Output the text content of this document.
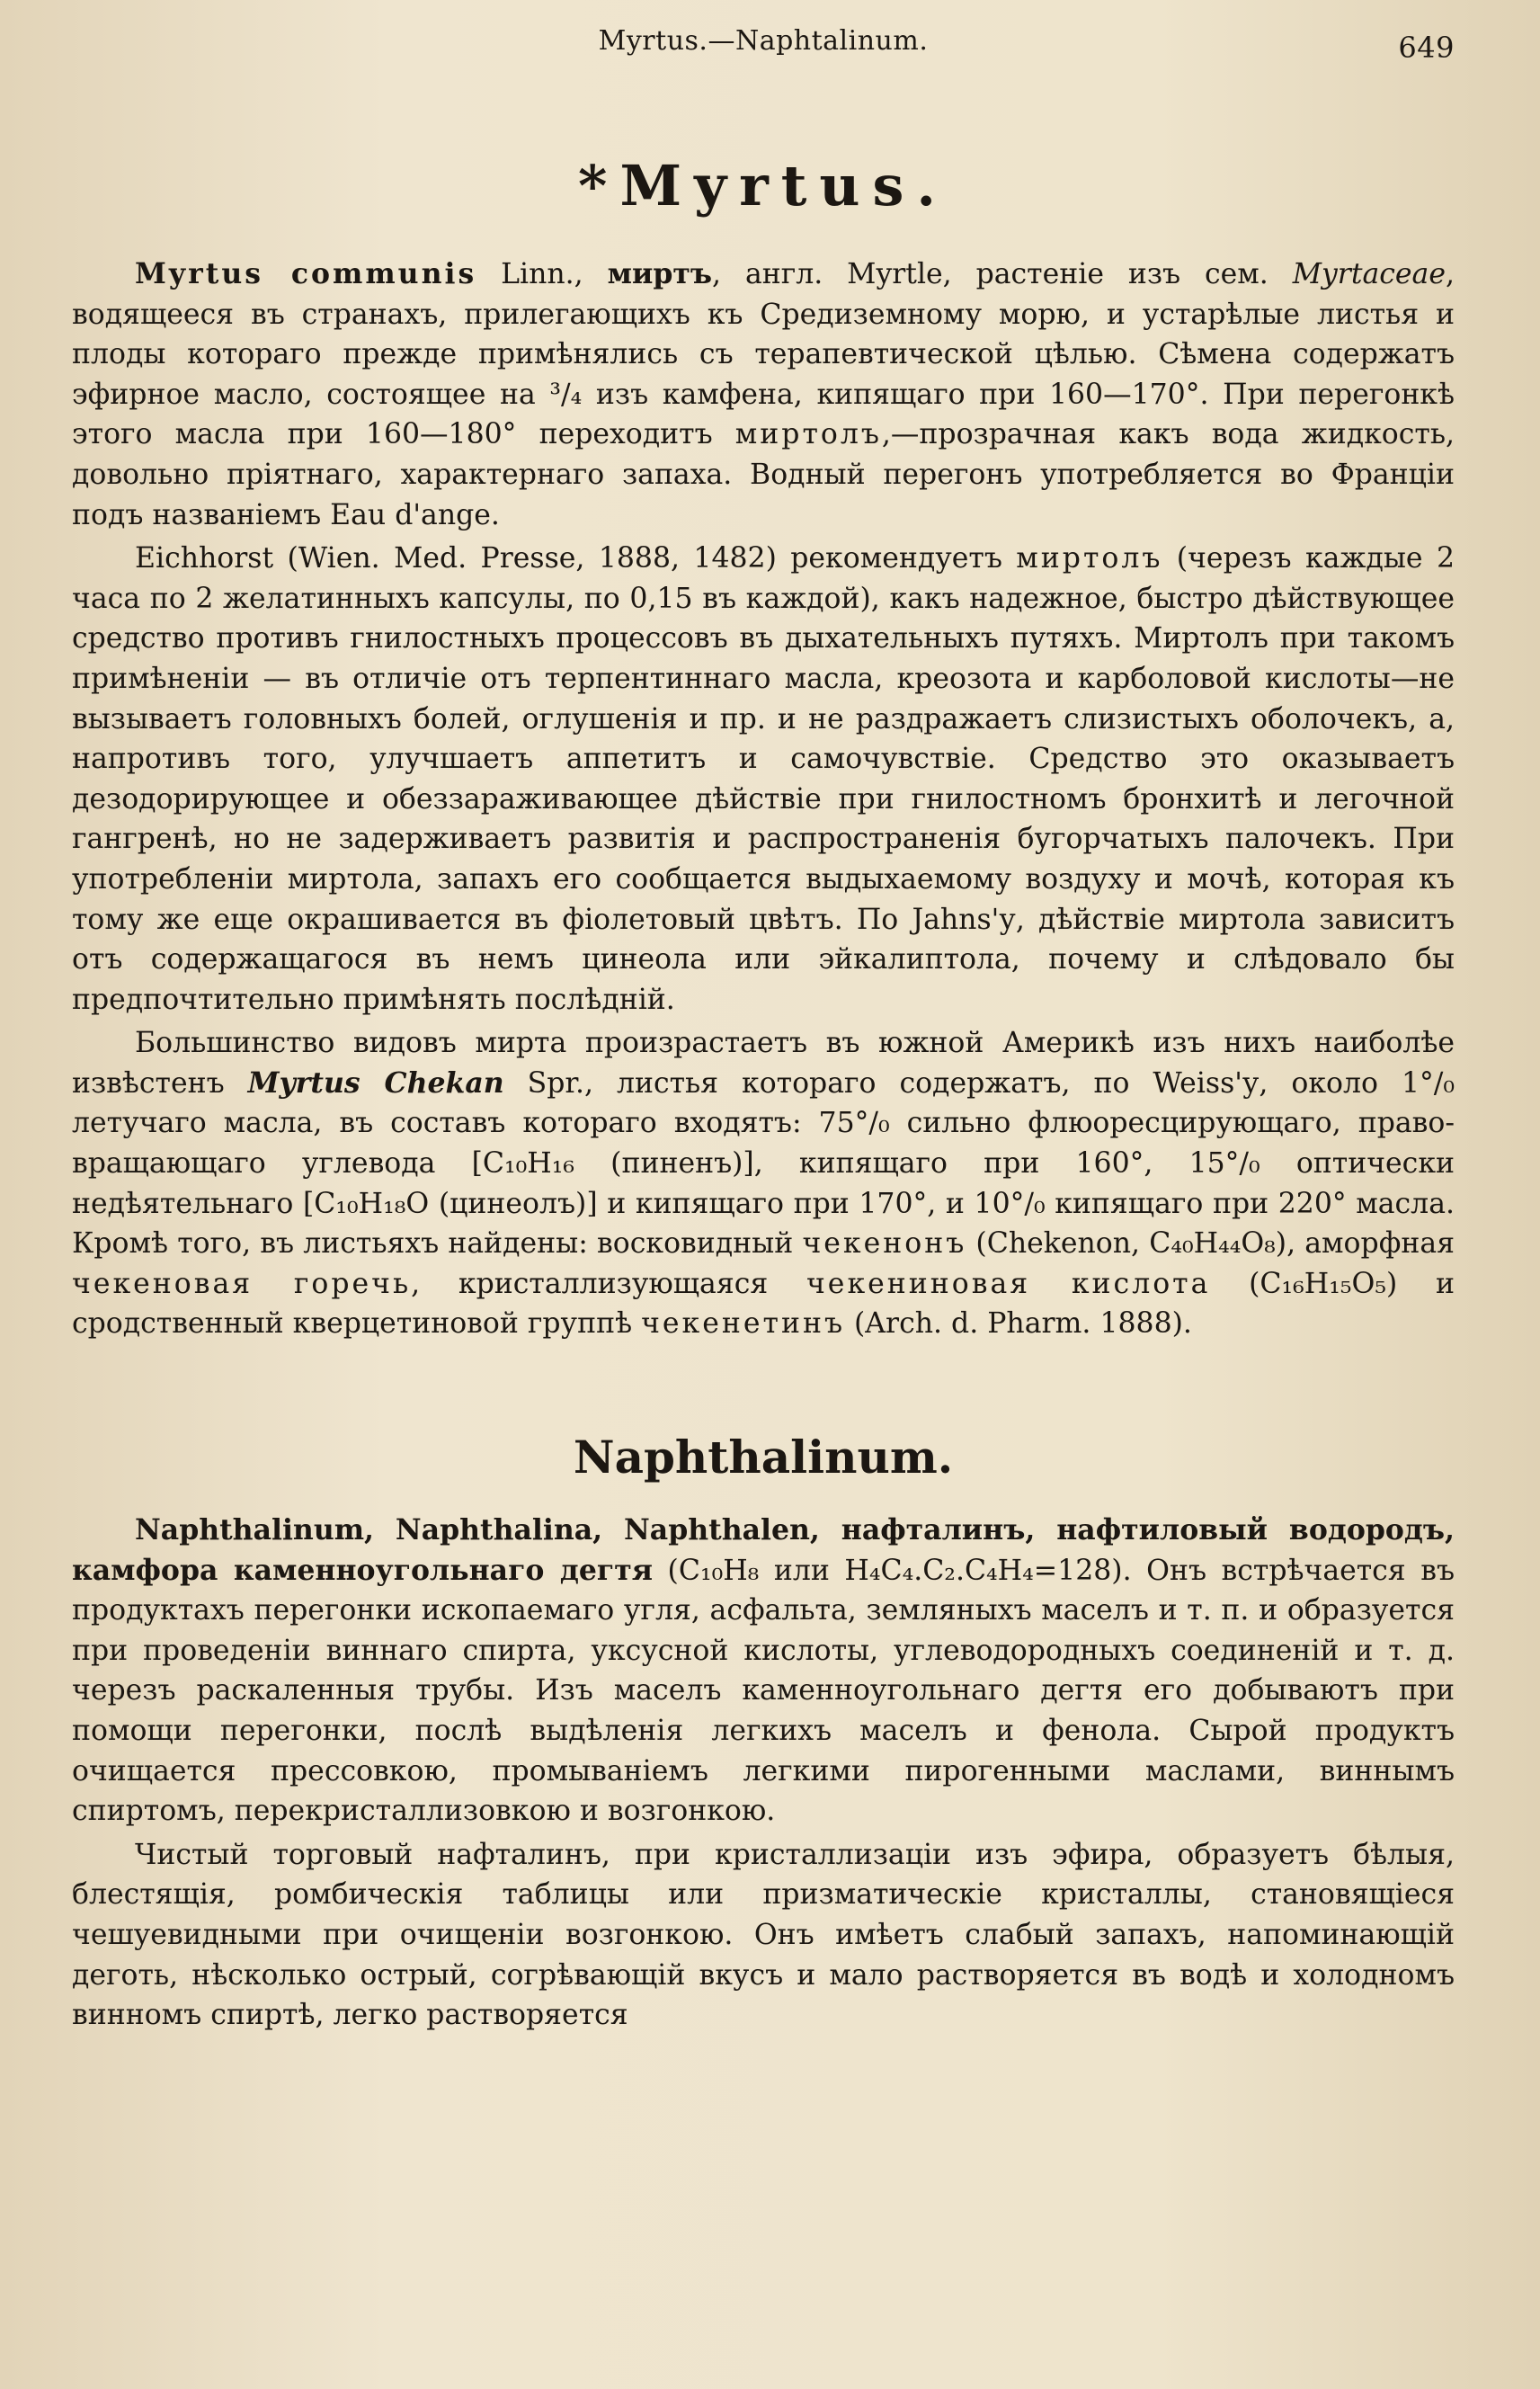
Myrtus.—Naphtalinum.	649
*Myrtus.

Myrtus communis Linn., миртъ, англ. Myrtle, растеніе изъ сем. Myrtaceae, водящееся въ странахъ, прилегающихъ къ Средиземному морю, и устарѣлые листья и плоды котораго прежде примѣнялись съ терапевтической цѣлью. Сѣмена содержатъ эфирное масло, состоящее на ³/₄ изъ камфена, кипящаго при 160—170°. При перегонкѣ этого масла при 160—180° переходитъ миртолъ,—прозрачная какъ вода жидкость, довольно пріятнаго, характернаго запаха. Водный перегонъ употребляется во Франціи подъ названіемъ Eau d'ange.

Eichhorst (Wien. Med. Presse, 1888, 1482) рекомендуетъ миртолъ (черезъ каждые 2 часа по 2 желатинныхъ капсулы, по 0,15 въ каждой), какъ надежное, быстро дѣйствующее средство противъ гнилостныхъ процессовъ въ дыхательныхъ путяхъ. Миртолъ при такомъ примѣненіи — въ отличіе отъ терпентиннаго масла, креозота и карболовой кислоты—не вызываетъ головныхъ болей, оглушенія и пр. и не раздражаетъ слизистыхъ оболочекъ, а, напротивъ того, улучшаетъ аппетитъ и самочувствіе. Средство это оказываетъ дезодорирующее и обеззараживающее дѣйствіе при гнилостномъ бронхитѣ и легочной гангренѣ, но не задерживаетъ развитія и распространенія бугорчатыхъ палочекъ. При употребленіи миртола, запахъ его сообщается выдыхаемому воздуху и мочѣ, которая къ тому же еще окрашивается въ фіолетовый цвѣтъ. По Jahns'у, дѣйствіе миртола зависитъ отъ содержащагося въ немъ цинеола или эйкалиптола, почему и слѣдовало бы предпочтительно примѣнять послѣдній.

Большинство видовъ мирта произрастаетъ въ южной Америкѣ изъ нихъ наиболѣе извѣстенъ Myrtus Chekan Spr., листья котораго содержатъ, по Weiss'у, около 1°/₀ летучаго масла, въ составъ котораго входятъ: 75°/₀ сильно флюоресцирующаго, право-вращающаго углевода [C₁₀H₁₆ (пиненъ)], кипящаго при 160°, 15°/₀ оптически недѣятельнаго [C₁₀H₁₈O (цинеолъ)] и кипящаго при 170°, и 10°/₀ кипящаго при 220° масла. Кромѣ того, въ листьяхъ найдены: восковидный чекенонъ (Chekenon, C₄₀H₄₄O₈), аморфная чекеновая горечь, кристаллизующаяся чекениновая кислота (C₁₆H₁₅O₅) и сродственный кверцетиновой группѣ чекенетинъ (Arch. d. Pharm. 1888).

Naphthalinum.

Naphthalinum, Naphthalina, Naphthalen, нафталинъ, нафтиловый водородъ, камфора каменноугольнаго дегтя (C₁₀H₈ или H₄C₄.C₂.C₄H₄=128). Онъ встрѣчается въ продуктахъ перегонки ископаемаго угля, асфальта, земляныхъ маселъ и т. п. и образуется при проведеніи виннаго спирта, уксусной кислоты, углеводородныхъ соединеній и т. д. черезъ раскаленныя трубы. Изъ маселъ каменноугольнаго дегтя его добываютъ при помощи перегонки, послѣ выдѣленія легкихъ маселъ и фенола. Сырой продуктъ очищается прессовкою, промываніемъ легкими пирогенными маслами, виннымъ спиртомъ, перекристаллизовкою и возгонкою.

Чистый торговый нафталинъ, при кристаллизаціи изъ эфира, образуетъ бѣлыя, блестящія, ромбическія таблицы или призматическіе кристаллы, становящіеся чешуевидными при очищеніи возгонкою. Онъ имѣетъ слабый запахъ, напоминающій деготь, нѣсколько острый, согрѣвающій вкусъ и мало растворяется въ водѣ и холодномъ винномъ спиртѣ, легко растворяется
